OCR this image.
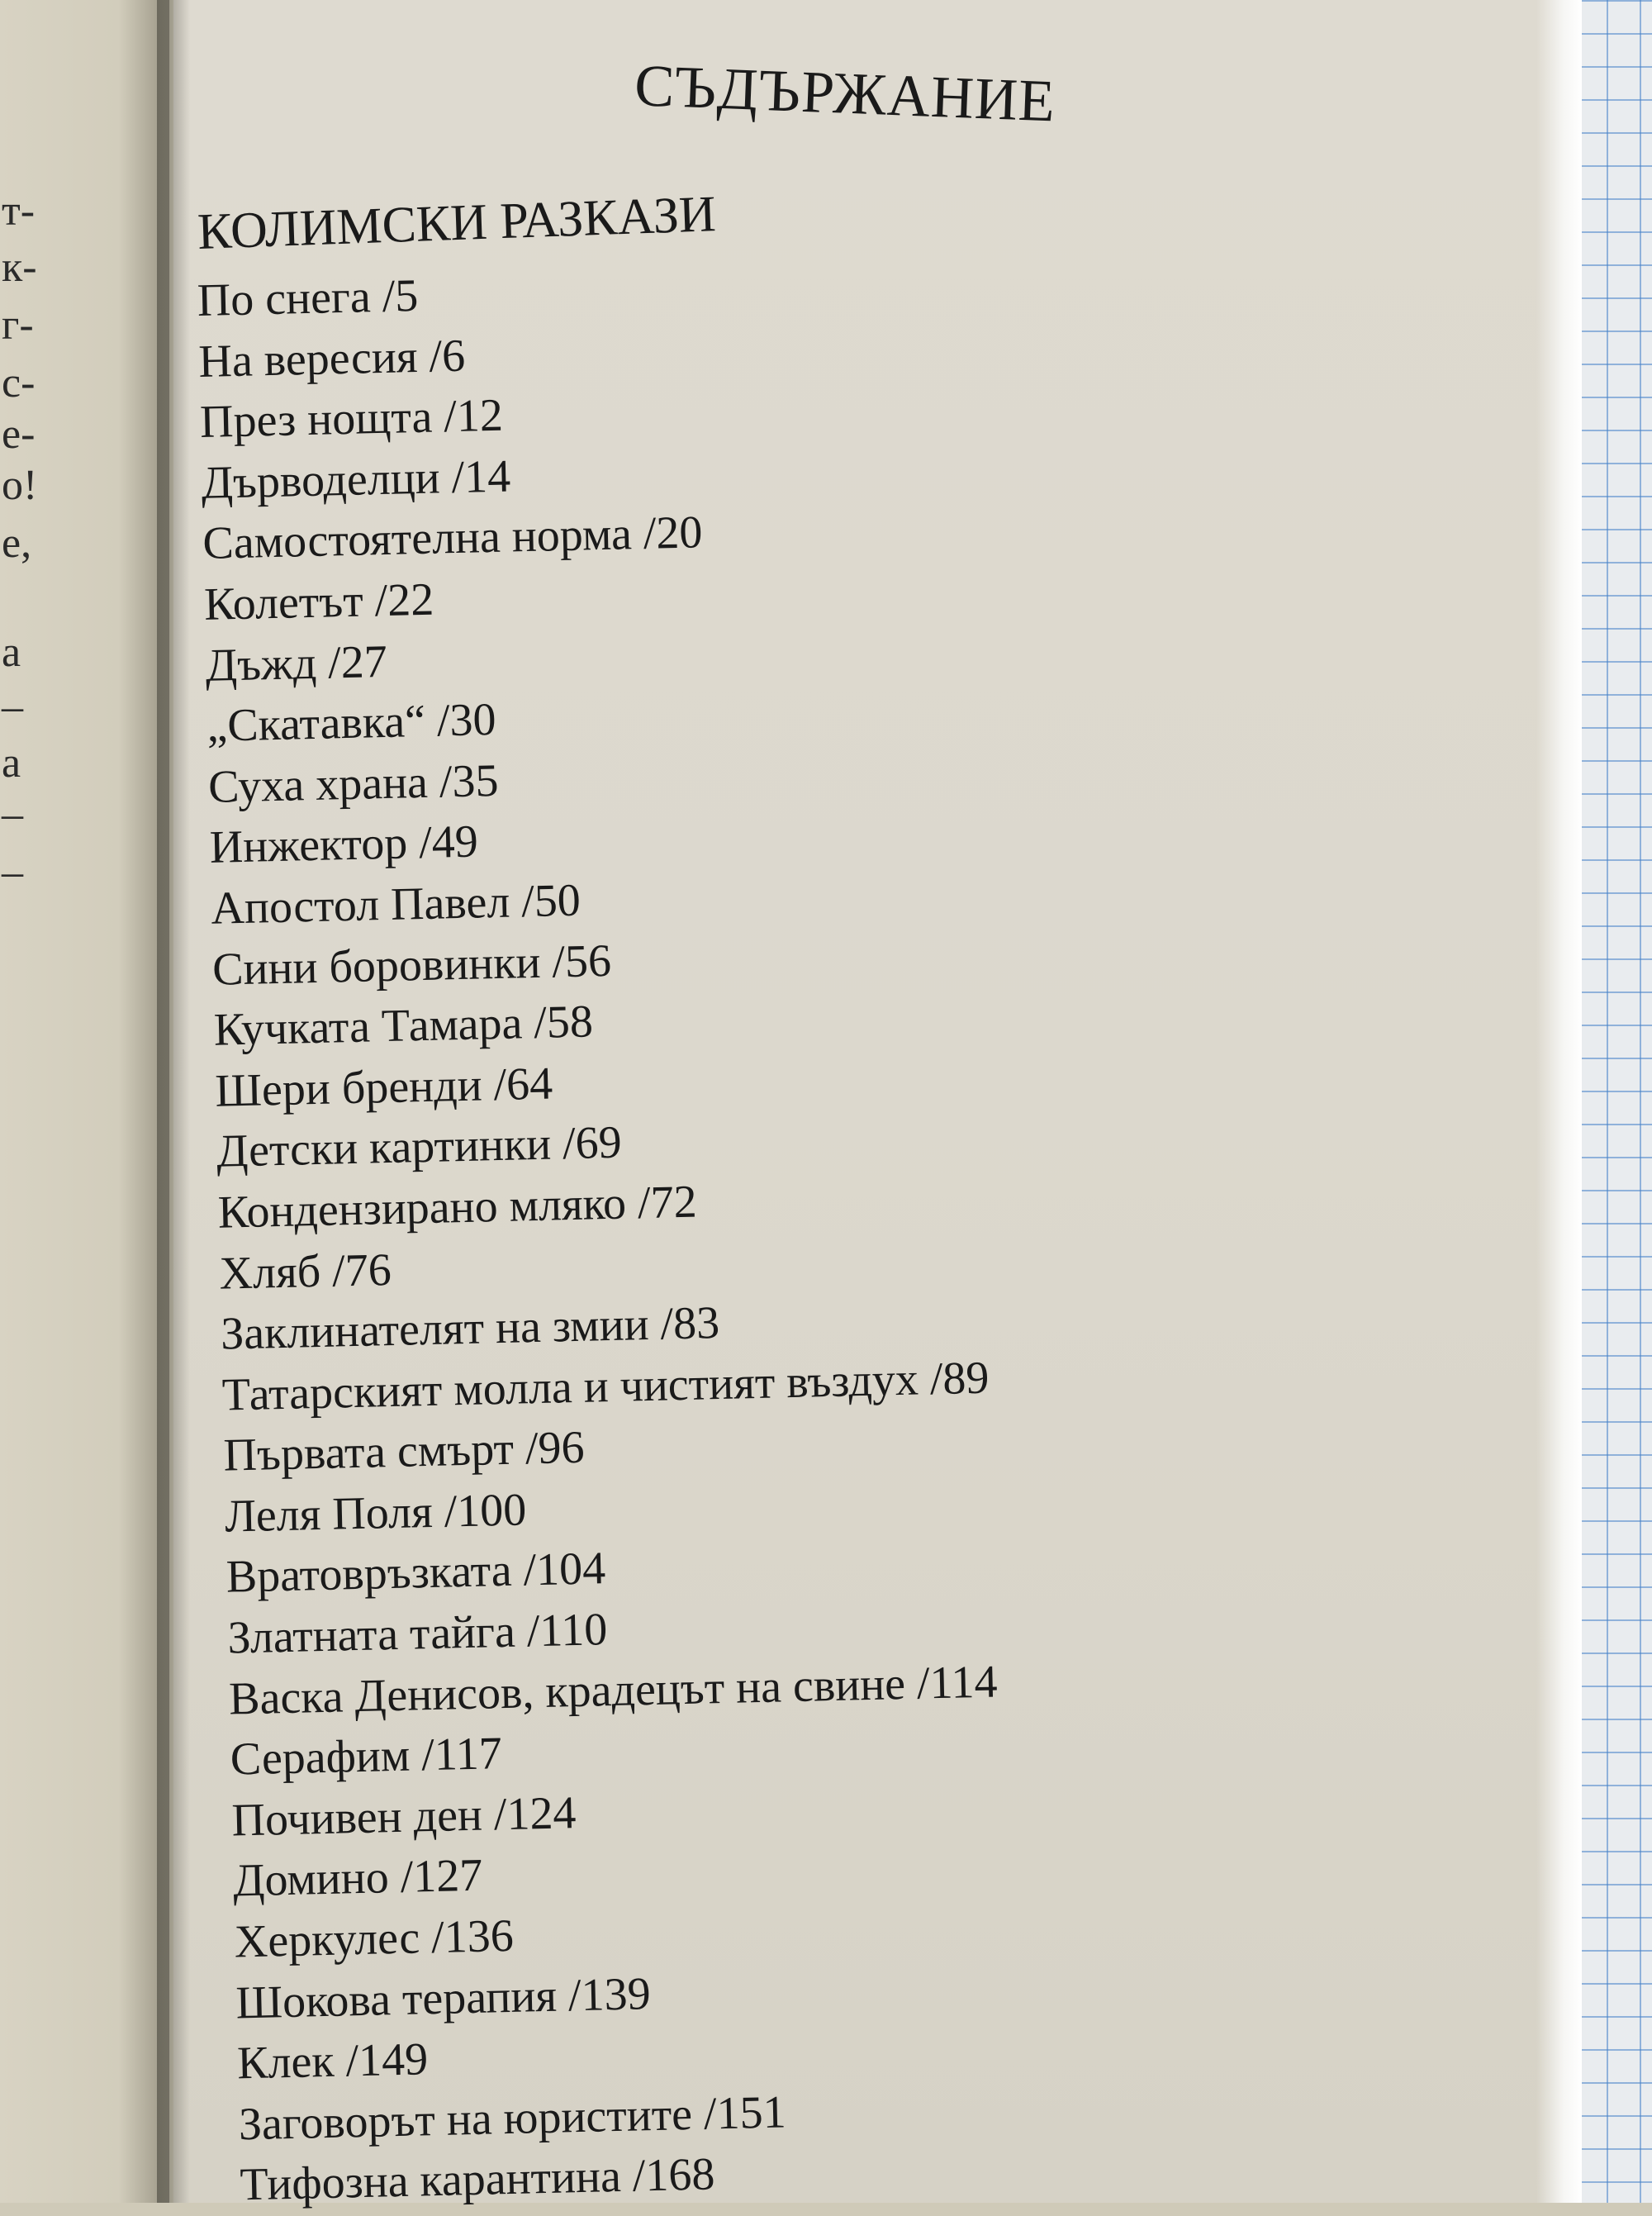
т-
к-
г-
с-
е-
о!
е,
а
–
а
–
–
СЪДЪРЖАНИЕ
КОЛИМСКИ РАЗКАЗИ
По снега /5
На вересия /6
През нощта /12
Дърводелци /14
Самостоятелна норма /20
Колетът /22
Дъжд /27
„Скатавка“ /30
Суха храна /35
Инжектор /49
Апостол Павел /50
Сини боровинки /56
Кучката Тамара /58
Шери бренди /64
Детски картинки /69
Кондензирано мляко /72
Хляб /76
Заклинателят на змии /83
Татарският молла и чистият въздух /89
Първата смърт /96
Леля Поля /100
Вратовръзката /104
Златната тайга /110
Васка Денисов, крадецът на свине /114
Серафим /117
Почивен ден /124
Домино /127
Херкулес /136
Шокова терапия /139
Клек /149
Заговорът на юристите /151
Тифозна карантина /168
